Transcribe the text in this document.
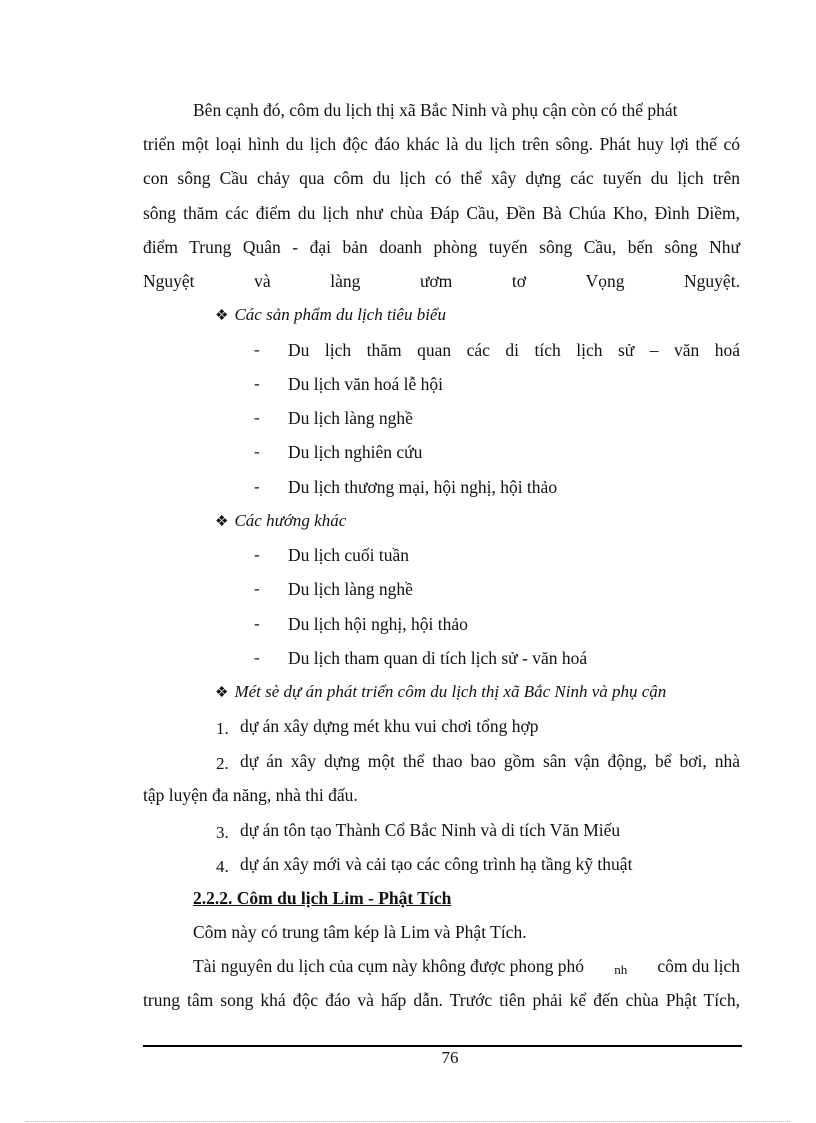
Bên cạnh đó, côm du lịch thị xã Bắc Ninh và phụ cận còn có thể phát
triển một loại hình du lịch độc đáo khác là du lịch trên sông. Phát huy lợi thế có
con sông Cầu chảy qua côm du lịch có thể xây dựng các tuyến du lịch trên
sông thăm các điểm du lịch như chùa Đáp Cầu, Đền Bà Chúa Kho, Đình Diềm,
điểm Trung Quân - đại bản doanh phòng tuyến sông Cầu, bến sông Như
Nguyệt	và	làng	ươm	tơ	Vọng	Nguyệt.
❖ Các sản phẩm du lịch tiêu biểu
- Du lịch thăm quan các di tích lịch sử – văn hoá
- Du lịch văn hoá lễ hội
- Du lịch làng nghề
- Du lịch nghiên cứu
- Du lịch thương mại, hội nghị, hội thảo
❖ Các hướng khác
- Du lịch cuối tuần
- Du lịch làng nghề
- Du lịch hội nghị, hội thảo
- Du lịch tham quan di tích lịch sử - văn hoá
❖ Mét sè dự án phát triển côm du lịch thị xã Bắc Ninh và phụ cận
1. dự án xây dựng mét khu vui chơi tổng hợp
2. dự án xây dựng một thể thao bao gồm sân vận động, bể bơi, nhà
tập luyện đa năng, nhà thi đấu.
3. dự án tôn tạo Thành Cổ Bắc Ninh và di tích Văn Miếu
4. dự án xây mới và cải tạo các công trình hạ tầng kỹ thuật
2.2.2. Côm du lịch Lim - Phật Tích
Côm này có trung tâm kép là Lim và Phật Tích.
Tài nguyên du lịch của cụm này không được phong phó nh côm du lịch
trung tâm song khá độc đáo và hấp dẫn. Trước tiên phải kể đến chùa Phật Tích,
76
